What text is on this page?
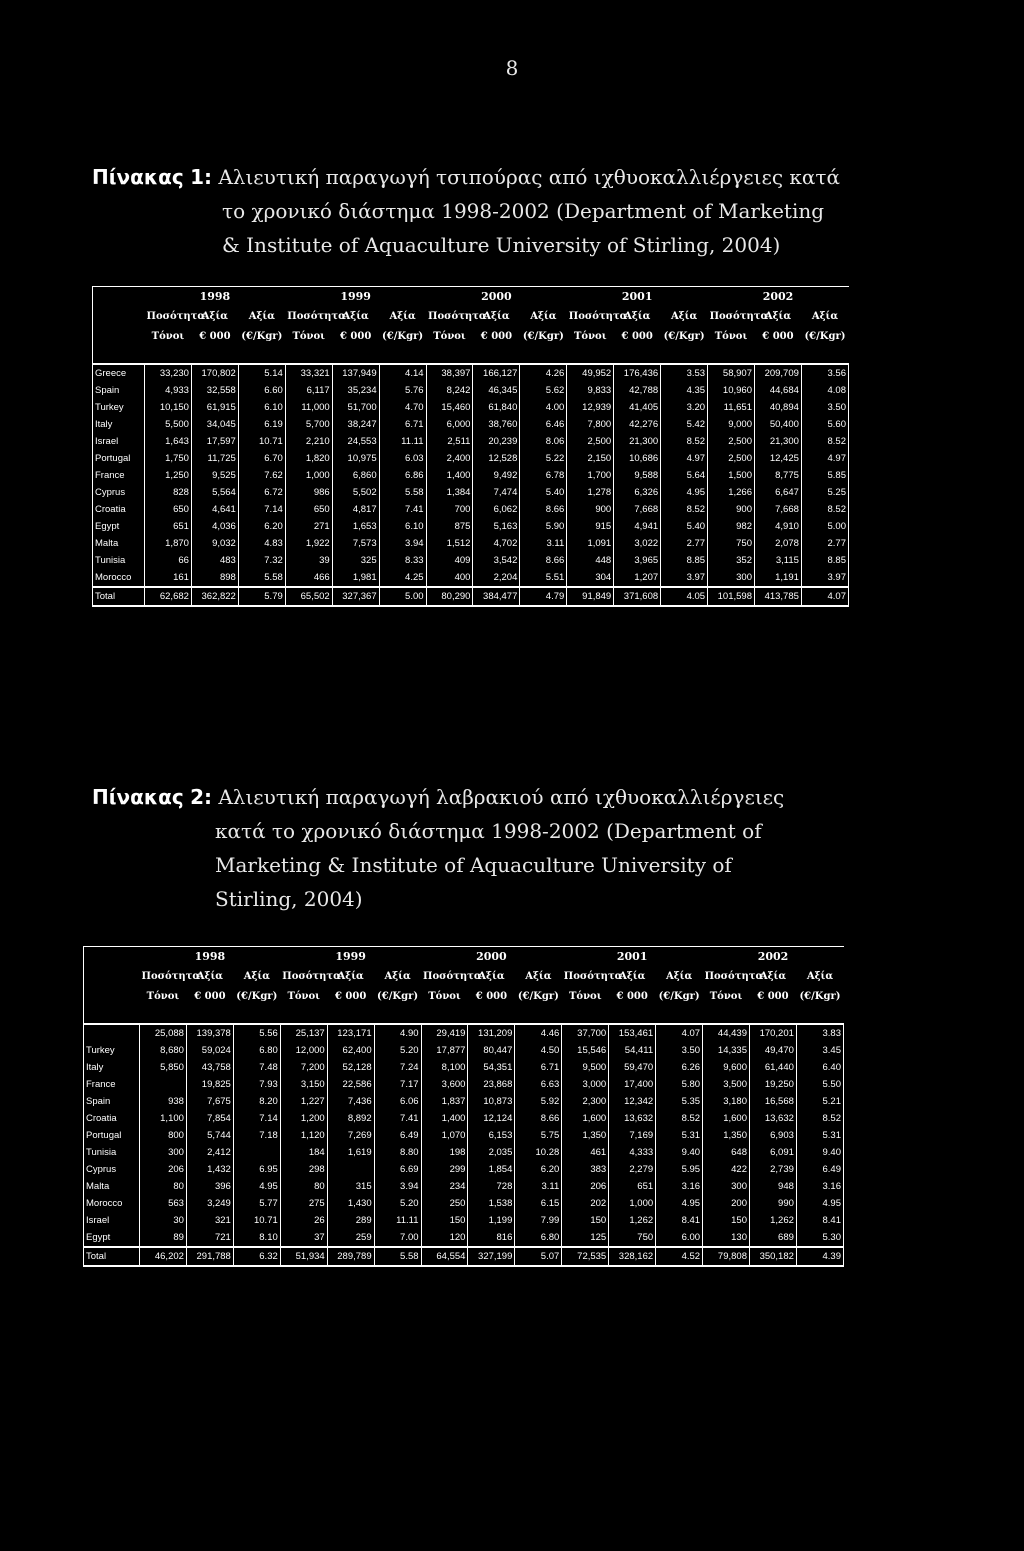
8
Πίνακας 1: Αλιευτική παραγωγή τσιπούρας από ιχθυοκαλλιέργειες κατά
το χρονικό διάστημα 1998-2002 (Department of Marketing
& Institute of Aquaculture University of Stirling, 2004)
	1998			1999			2000			2001			2002		
	Ποσότητα	Αξία	Αξία	Ποσότητα	Αξία	Αξία	Ποσότητα	Αξία	Αξία	Ποσότητα	Αξία	Αξία	Ποσότητα	Αξία	Αξία
	Τόνοι	€ 000	(€/Kgr)	Τόνοι	€ 000	(€/Kgr)	Τόνοι	€ 000	(€/Kgr)	Τόνοι	€ 000	(€/Kgr)	Τόνοι	€ 000	(€/Kgr)

Greece	33,230	170,802	5.14	33,321	137,949	4.14	38,397	166,127	4.26	49,952	176,436	3.53	58,907	209,709	3.56
Spain	4,933	32,558	6.60	6,117	35,234	5.76	8,242	46,345	5.62	9,833	42,788	4.35	10,960	44,684	4.08
Turkey	10,150	61,915	6.10	11,000	51,700	4.70	15,460	61,840	4.00	12,939	41,405	3.20	11,651	40,894	3.50
Italy	5,500	34,045	6.19	5,700	38,247	6.71	6,000	38,760	6.46	7,800	42,276	5.42	9,000	50,400	5.60
Israel	1,643	17,597	10.71	2,210	24,553	11.11	2,511	20,239	8.06	2,500	21,300	8.52	2,500	21,300	8.52
Portugal	1,750	11,725	6.70	1,820	10,975	6.03	2,400	12,528	5.22	2,150	10,686	4.97	2,500	12,425	4.97
France	1,250	9,525	7.62	1,000	6,860	6.86	1,400	9,492	6.78	1,700	9,588	5.64	1,500	8,775	5.85
Cyprus	828	5,564	6.72	986	5,502	5.58	1,384	7,474	5.40	1,278	6,326	4.95	1,266	6,647	5.25
Croatia	650	4,641	7.14	650	4,817	7.41	700	6,062	8.66	900	7,668	8.52	900	7,668	8.52
Egypt	651	4,036	6.20	271	1,653	6.10	875	5,163	5.90	915	4,941	5.40	982	4,910	5.00
Malta	1,870	9,032	4.83	1,922	7,573	3.94	1,512	4,702	3.11	1,091	3,022	2.77	750	2,078	2.77
Tunisia	66	483	7.32	39	325	8.33	409	3,542	8.66	448	3,965	8.85	352	3,115	8.85
Morocco	161	898	5.58	466	1,981	4.25	400	2,204	5.51	304	1,207	3.97	300	1,191	3.97
Total	62,682	362,822	5.79	65,502	327,367	5.00	80,290	384,477	4.79	91,849	371,608	4.05	101,598	413,785	4.07
Πίνακας 2: Αλιευτική παραγωγή λαβρακιού από ιχθυοκαλλιέργειες
κατά το χρονικό διάστημα 1998-2002 (Department of
Marketing & Institute of Aquaculture University of
Stirling, 2004)
	1998			1999			2000			2001			2002		
	Ποσότητα	Αξία	Αξία	Ποσότητα	Αξία	Αξία	Ποσότητα	Αξία	Αξία	Ποσότητα	Αξία	Αξία	Ποσότητα	Αξία	Αξία
	Τόνοι	€ 000	(€/Kgr)	Τόνοι	€ 000	(€/Kgr)	Τόνοι	€ 000	(€/Kgr)	Τόνοι	€ 000	(€/Kgr)	Τόνοι	€ 000	(€/Kgr)

	25,088	139,378	5.56	25,137	123,171	4.90	29,419	131,209	4.46	37,700	153,461	4.07	44,439	170,201	3.83
Turkey	8,680	59,024	6.80	12,000	62,400	5.20	17,877	80,447	4.50	15,546	54,411	3.50	14,335	49,470	3.45
Italy	5,850	43,758	7.48	7,200	52,128	7.24	8,100	54,351	6.71	9,500	59,470	6.26	9,600	61,440	6.40
France		19,825	7.93	3,150	22,586	7.17	3,600	23,868	6.63	3,000	17,400	5.80	3,500	19,250	5.50
Spain	938	7,675	8.20	1,227	7,436	6.06	1,837	10,873	5.92	2,300	12,342	5.35	3,180	16,568	5.21
Croatia	1,100	7,854	7.14	1,200	8,892	7.41	1,400	12,124	8.66	1,600	13,632	8.52	1,600	13,632	8.52
Portugal	800	5,744	7.18	1,120	7,269	6.49	1,070	6,153	5.75	1,350	7,169	5.31	1,350	6,903	5.31
Tunisia	300	2,412		184	1,619	8.80	198	2,035	10.28	461	4,333	9.40	648	6,091	9.40
Cyprus	206	1,432	6.95	298		6.69	299	1,854	6.20	383	2,279	5.95	422	2,739	6.49
Malta	80	396	4.95	80	315	3.94	234	728	3.11	206	651	3.16	300	948	3.16
Morocco	563	3,249	5.77	275	1,430	5.20	250	1,538	6.15	202	1,000	4.95	200	990	4.95
Israel	30	321	10.71	26	289	11.11	150	1,199	7.99	150	1,262	8.41	150	1,262	8.41
Egypt	89	721	8.10	37	259	7.00	120	816	6.80	125	750	6.00	130	689	5.30
Total	46,202	291,788	6.32	51,934	289,789	5.58	64,554	327,199	5.07	72,535	328,162	4.52	79,808	350,182	4.39
